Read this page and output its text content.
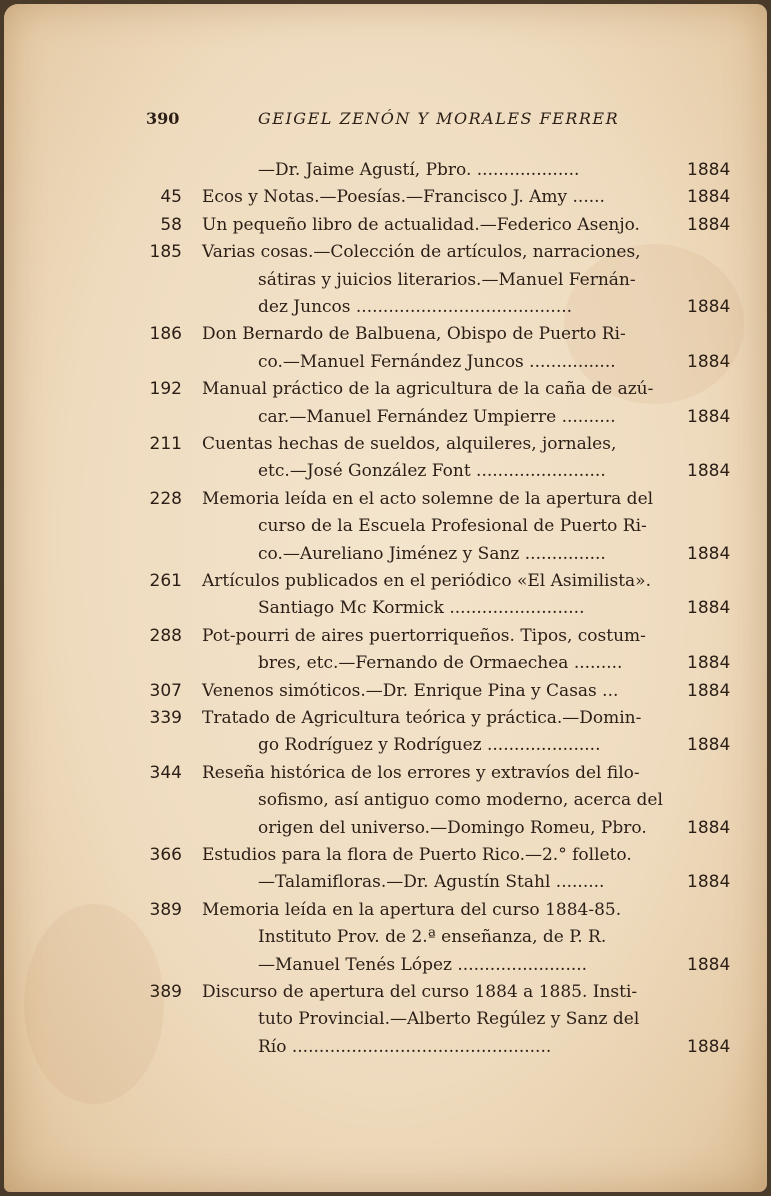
390	GEIGEL ZENÓN Y MORALES FERRER
—Dr. Jaime Agustí, Pbro. ...................	1884
45 Ecos y Notas.—Poesías.—Francisco J. Amy ......	1884
58 Un pequeño libro de actualidad.—Federico Asenjo.	1884
185 Varias cosas.—Colección de artículos, narraciones,
sátiras y juicios literarios.—Manuel Fernán-
dez Juncos ........................................	1884
186 Don Bernardo de Balbuena, Obispo de Puerto Ri-
co.—Manuel Fernández Juncos ................	1884
192 Manual práctico de la agricultura de la caña de azú-
car.—Manuel Fernández Umpierre ..........	1884
211 Cuentas hechas de sueldos, alquileres, jornales,
etc.—José González Font ........................	1884
228 Memoria leída en el acto solemne de la apertura del
curso de la Escuela Profesional de Puerto Ri-
co.—Aureliano Jiménez y Sanz ...............	1884
261 Artículos publicados en el periódico «El Asimilista».
Santiago Mc Kormick .........................	1884
288 Pot-pourri de aires puertorriqueños. Tipos, costum-
bres, etc.—Fernando de Ormaechea .........	1884
307 Venenos simóticos.—Dr. Enrique Pina y Casas ...	1884
339 Tratado de Agricultura teórica y práctica.—Domin-
go Rodríguez y Rodríguez .....................	1884
344 Reseña histórica de los errores y extravíos del filo-
sofismo, así antiguo como moderno, acerca del
origen del universo.—Domingo Romeu, Pbro. 1884
366 Estudios para la flora de Puerto Rico.—2.° folleto.
—Talamifloras.—Dr. Agustín Stahl .........	1884
389 Memoria leída en la apertura del curso 1884-85.
Instituto Prov. de 2.ª enseñanza, de P. R.
—Manuel Tenés López ........................	1884
389 Discurso de apertura del curso 1884 a 1885. Insti-
tuto Provincial.—Alberto Regúlez y Sanz del
Río ................................................	1884
